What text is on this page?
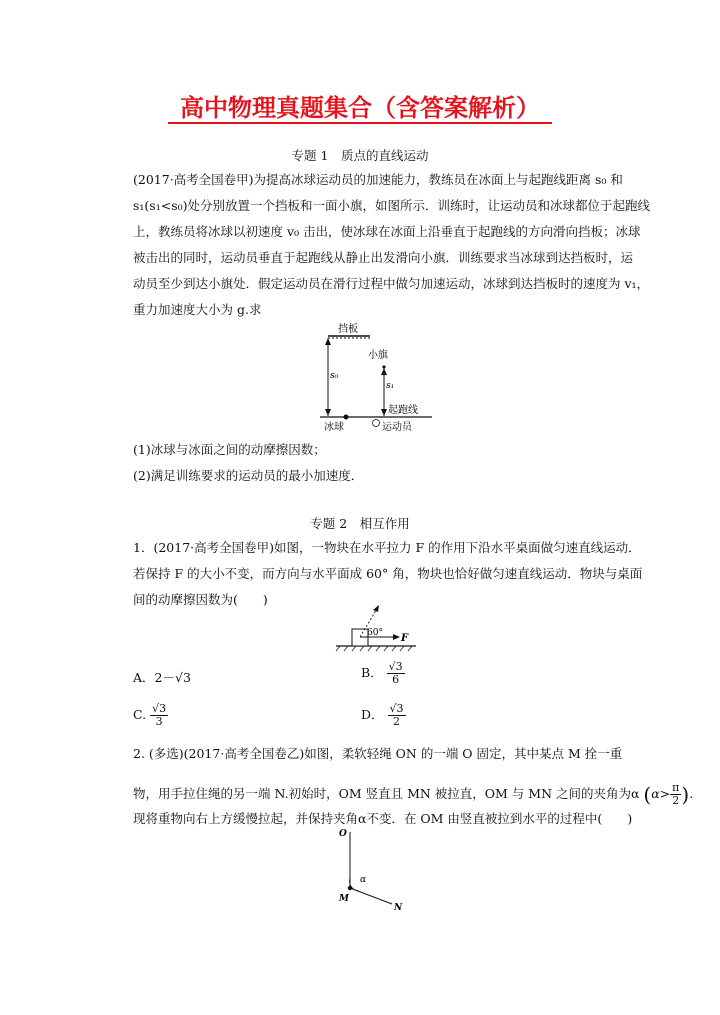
高中物理真题集合（含答案解析）
专题 1　质点的直线运动
(2017·高考全国卷甲)为提高冰球运动员的加速能力，教练员在冰面上与起跑线距离 s₀ 和
s₁(s₁<s₀)处分别放置一个挡板和一面小旗，如图所示．训练时，让运动员和冰球都位于起跑线
上，教练员将冰球以初速度 v₀ 击出，使冰球在冰面上沿垂直于起跑线的方向滑向挡板；冰球
被击出的同时，运动员垂直于起跑线从静止出发滑向小旗．训练要求当冰球到达挡板时，运
动员至少到达小旗处．假定运动员在滑行过程中做匀加速运动，冰球到达挡板时的速度为 v₁，
重力加速度大小为 g.求
挡板
s₀
小旗
s₁
起跑线
冰球	运动员
(1)冰球与冰面之间的动摩擦因数；
(2)满足训练要求的运动员的最小加速度．
专题 2　相互作用
1．(2017·高考全国卷甲)如图，一物块在水平拉力 F 的作用下沿水平桌面做匀速直线运动．
若保持 F 的大小不变，而方向与水平面成 60° 角，物块也恰好做匀速直线运动．物块与桌面
间的动摩擦因数为(　　)
60° F
A．2－√3	B． $\frac{√3}{6}$
C. $\frac{√3}{3}$	D． $\frac{√3}{2}$
2. (多选)(2017·高考全国卷乙)如图，柔软轻绳 ON 的一端 O 固定，其中某点 M 拴一重
物，用手拉住绳的另一端 N.初始时，OM 竖直且 MN 被拉直，OM 与 MN 之间的夹角为α ($\alpha> \frac{\pi}{2}$ ).
现将重物向右上方缓慢拉起，并保持夹角α不变．在 OM 由竖直被拉到水平的过程中(　　)
O
M
N
α
